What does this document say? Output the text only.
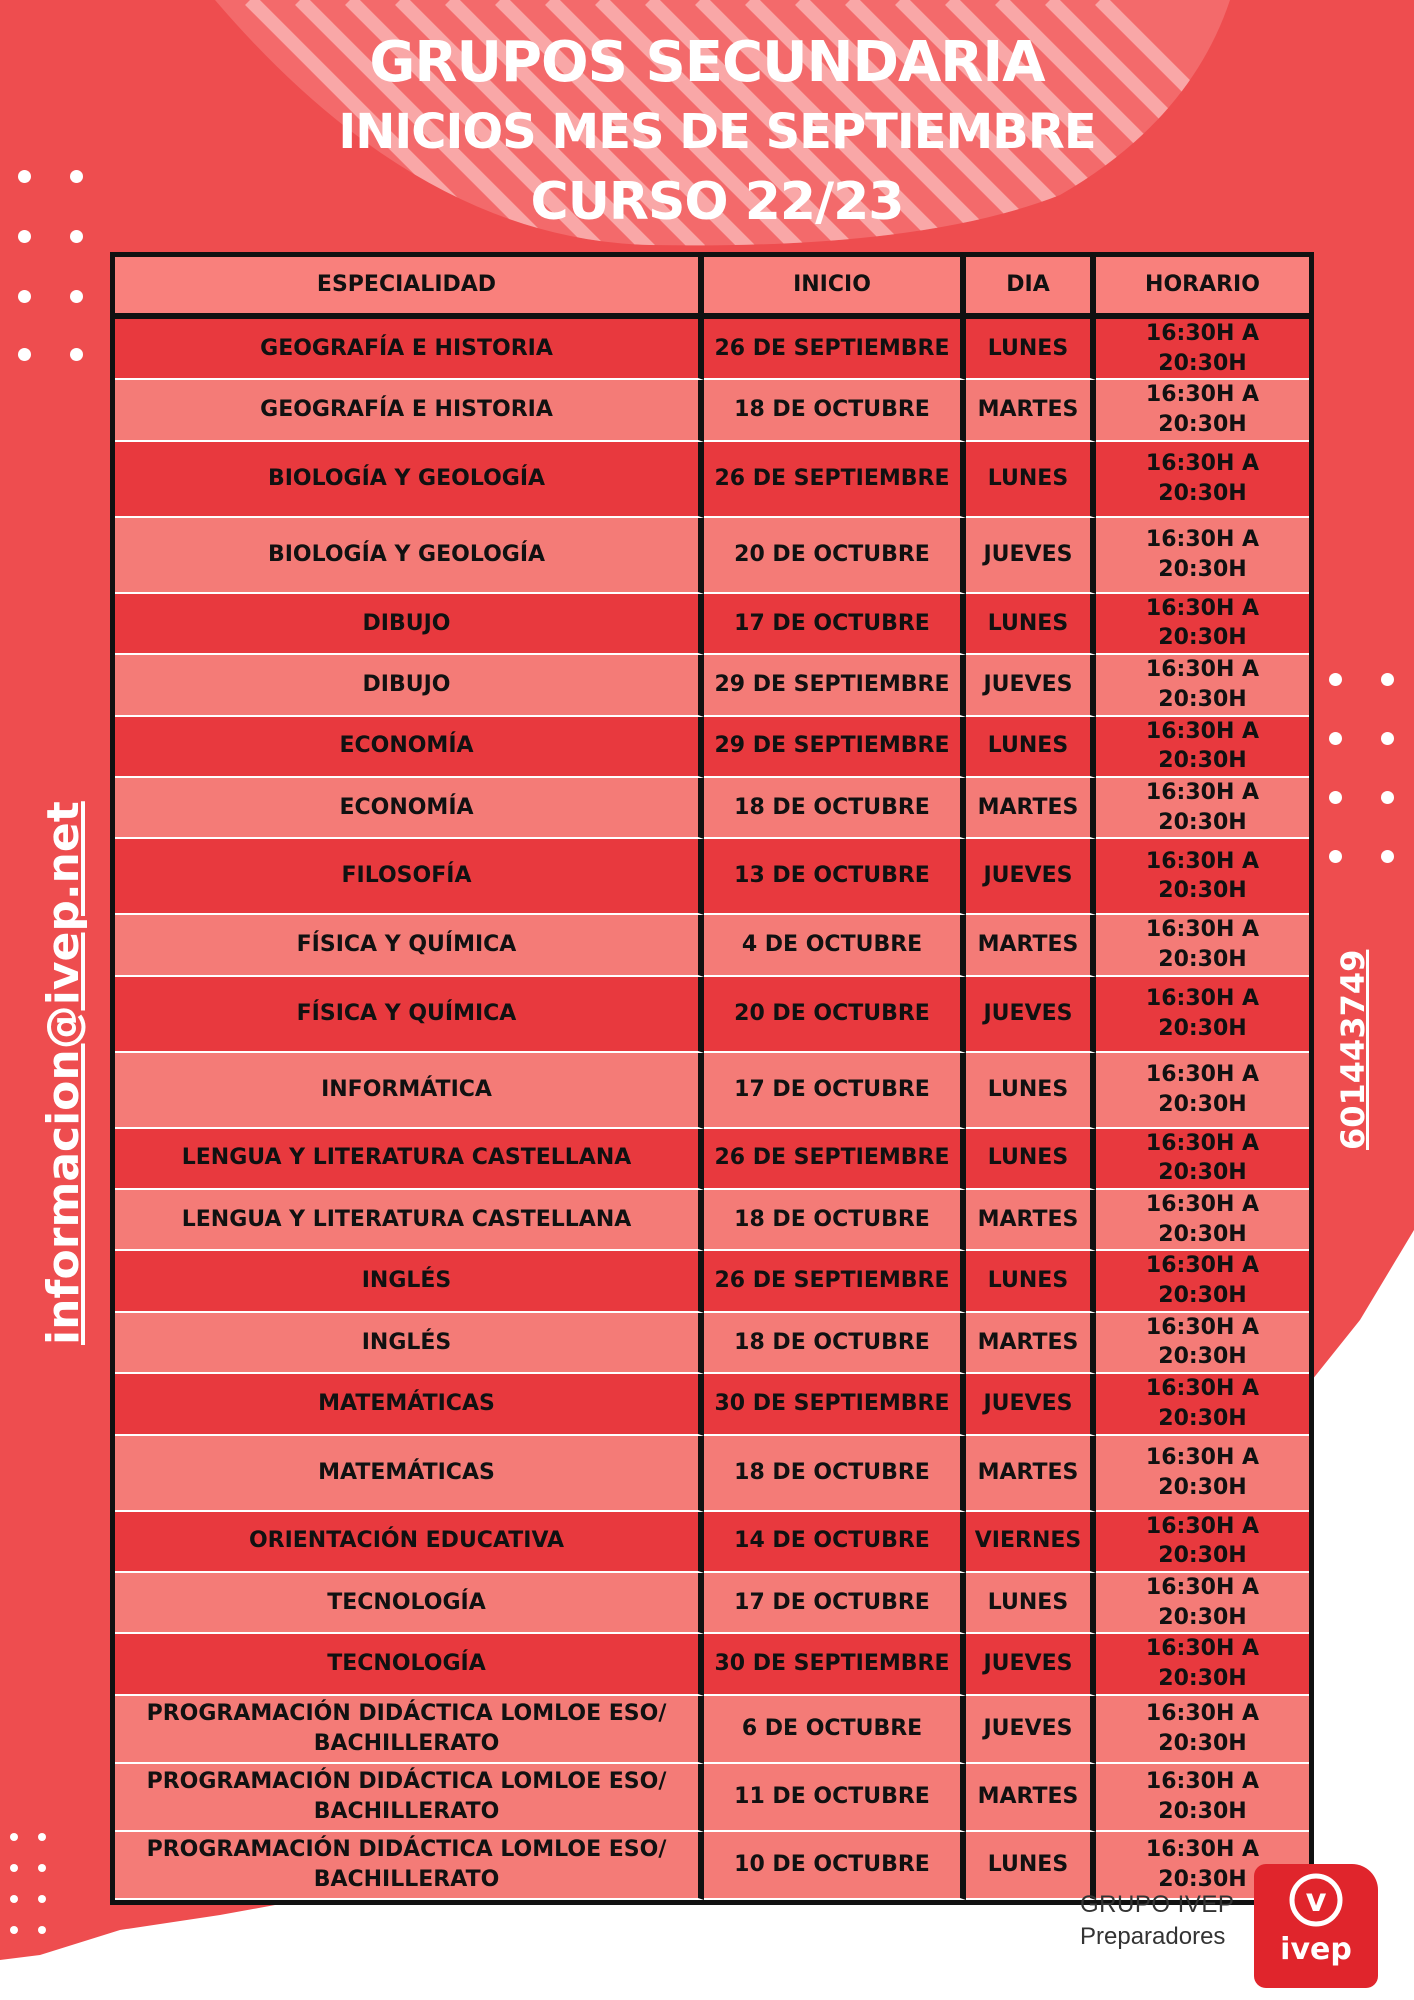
GRUPOS SECUNDARIA
INICIOS MES DE SEPTIEMBRE
CURSO 22/23
informacion@ivep.net	601443749
ESPECIALIDAD	INICIO	DIA	HORARIO
GEOGRAFÍA E HISTORIA	26 DE SEPTIEMBRE	LUNES	16:30H A 20:30H
GEOGRAFÍA E HISTORIA	18 DE OCTUBRE	MARTES	16:30H A 20:30H
BIOLOGÍA Y GEOLOGÍA	26 DE SEPTIEMBRE	LUNES	16:30H A 20:30H
BIOLOGÍA Y GEOLOGÍA	20 DE OCTUBRE	JUEVES	16:30H A 20:30H
DIBUJO	17 DE OCTUBRE	LUNES	16:30H A 20:30H
DIBUJO	29 DE SEPTIEMBRE	JUEVES	16:30H A 20:30H
ECONOMÍA	29 DE SEPTIEMBRE	LUNES	16:30H A 20:30H
ECONOMÍA	18 DE OCTUBRE	MARTES	16:30H A 20:30H
FILOSOFÍA	13 DE OCTUBRE	JUEVES	16:30H A 20:30H
FÍSICA Y QUÍMICA	4 DE OCTUBRE	MARTES	16:30H A 20:30H
FÍSICA Y QUÍMICA	20 DE OCTUBRE	JUEVES	16:30H A 20:30H
INFORMÁTICA	17 DE OCTUBRE	LUNES	16:30H A 20:30H
LENGUA Y LITERATURA CASTELLANA	26 DE SEPTIEMBRE	LUNES	16:30H A 20:30H
LENGUA Y LITERATURA CASTELLANA	18 DE OCTUBRE	MARTES	16:30H A 20:30H
INGLÉS	26 DE SEPTIEMBRE	LUNES	16:30H A 20:30H
INGLÉS	18 DE OCTUBRE	MARTES	16:30H A 20:30H
MATEMÁTICAS	30 DE SEPTIEMBRE	JUEVES	16:30H A 20:30H
MATEMÁTICAS	18 DE OCTUBRE	MARTES	16:30H A 20:30H
ORIENTACIÓN EDUCATIVA	14 DE OCTUBRE	VIERNES	16:30H A 20:30H
TECNOLOGÍA	17 DE OCTUBRE	LUNES	16:30H A 20:30H
TECNOLOGÍA	30 DE SEPTIEMBRE	JUEVES	16:30H A 20:30H
PROGRAMACIÓN DIDÁCTICA LOMLOE ESO/ BACHILLERATO	6 DE OCTUBRE	JUEVES	16:30H A 20:30H
PROGRAMACIÓN DIDÁCTICA LOMLOE ESO/ BACHILLERATO	11 DE OCTUBRE	MARTES	16:30H A 20:30H
PROGRAMACIÓN DIDÁCTICA LOMLOE ESO/ BACHILLERATO	10 DE OCTUBRE	LUNES	16:30H A 20:30H
GRUPO IVEP
Preparadores
v
ivep
